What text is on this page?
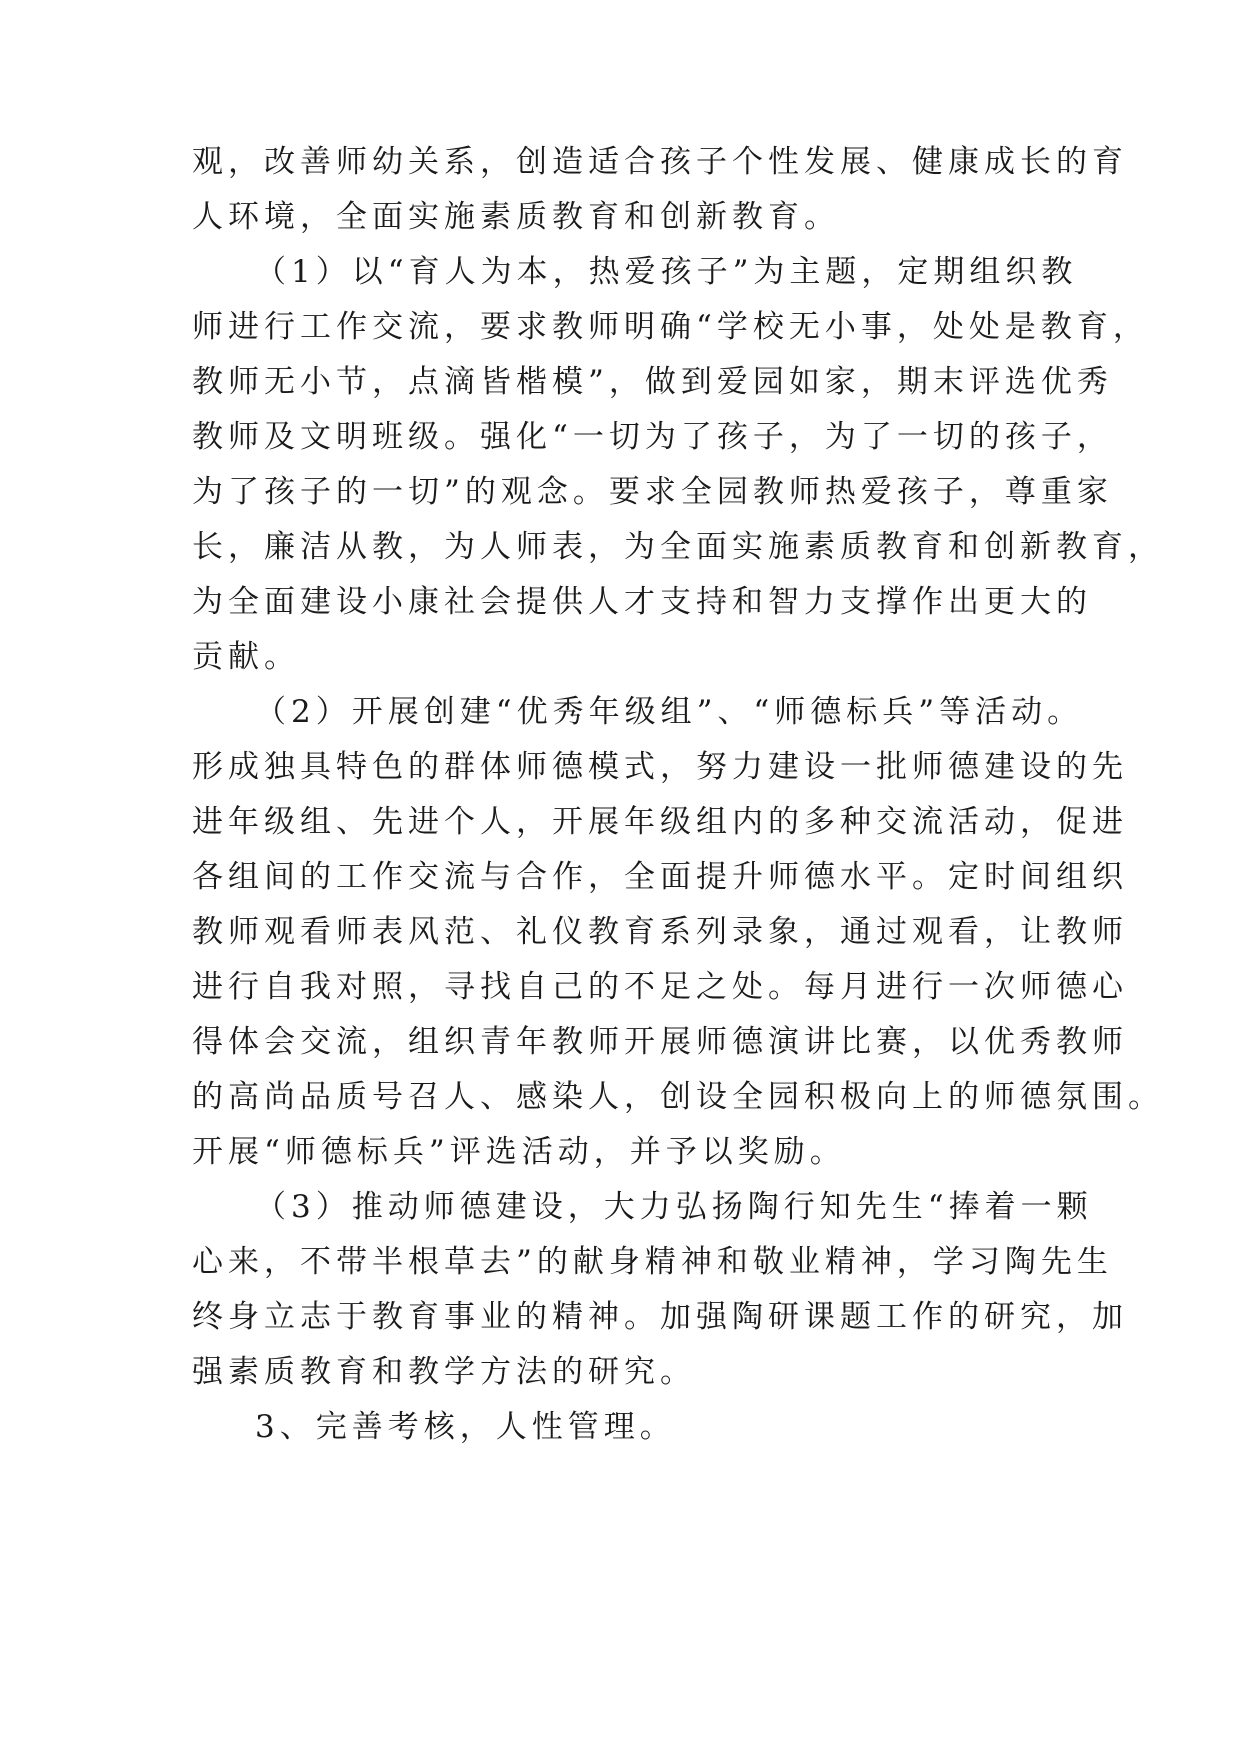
观，改善师幼关系，创造适合孩子个性发展、健康成长的育
人环境，全面实施素质教育和创新教育。
（1）以“育人为本，热爱孩子”为主题，定期组织教
师进行工作交流，要求教师明确“学校无小事，处处是教育，
教师无小节，点滴皆楷模”，做到爱园如家，期末评选优秀
教师及文明班级。强化“一切为了孩子，为了一切的孩子，
为了孩子的一切”的观念。要求全园教师热爱孩子，尊重家
长，廉洁从教，为人师表，为全面实施素质教育和创新教育，
为全面建设小康社会提供人才支持和智力支撑作出更大的
贡献。
（2）开展创建“优秀年级组”、“师德标兵”等活动。
形成独具特色的群体师德模式，努力建设一批师德建设的先
进年级组、先进个人，开展年级组内的多种交流活动，促进
各组间的工作交流与合作，全面提升师德水平。定时间组织
教师观看师表风范、礼仪教育系列录象，通过观看，让教师
进行自我对照，寻找自己的不足之处。每月进行一次师德心
得体会交流，组织青年教师开展师德演讲比赛，以优秀教师
的高尚品质号召人、感染人，创设全园积极向上的师德氛围。
开展“师德标兵”评选活动，并予以奖励。
（3）推动师德建设，大力弘扬陶行知先生“捧着一颗
心来，不带半根草去”的献身精神和敬业精神，学习陶先生
终身立志于教育事业的精神。加强陶研课题工作的研究，加
强素质教育和教学方法的研究。
3、完善考核，人性管理。
